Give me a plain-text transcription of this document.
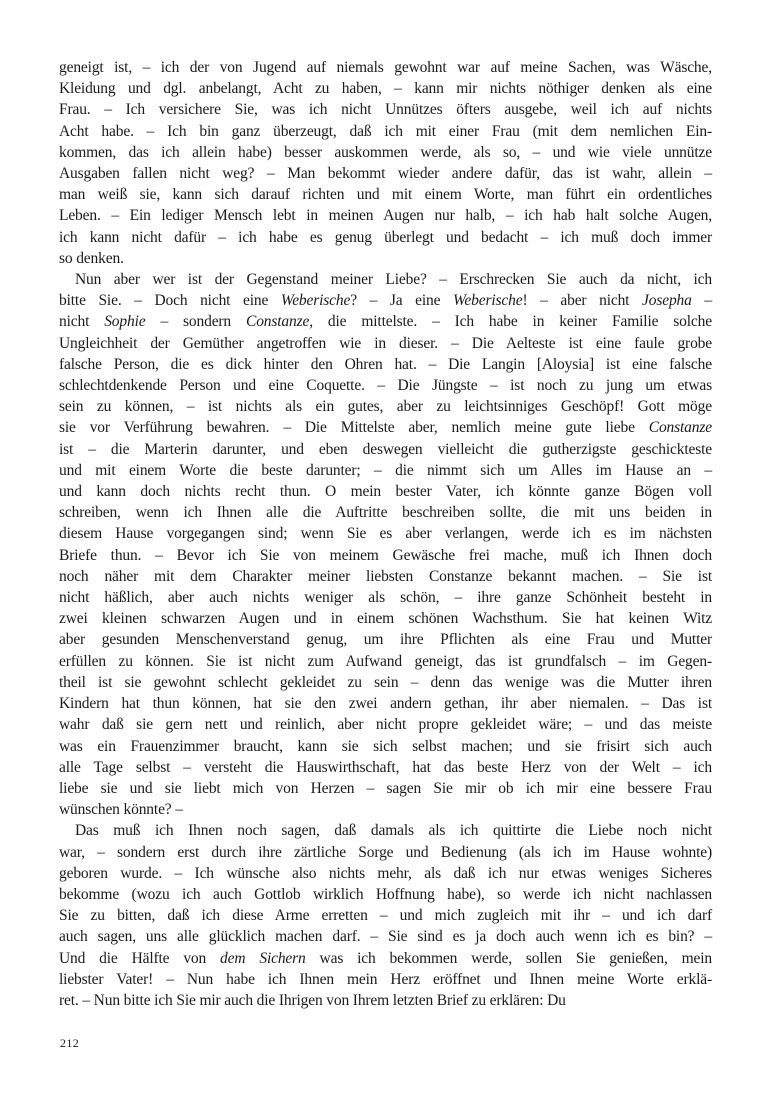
geneigt ist, – ich der von Jugend auf niemals gewohnt war auf meine Sachen, was Wäsche,
Kleidung und dgl. anbelangt, Acht zu haben, – kann mir nichts nöthiger denken als eine
Frau. – Ich versichere Sie, was ich nicht Unnützes öfters ausgebe, weil ich auf nichts
Acht habe. – Ich bin ganz überzeugt, daß ich mit einer Frau (mit dem nemlichen Ein-
kommen, das ich allein habe) besser auskommen werde, als so, – und wie viele unnütze
Ausgaben fallen nicht weg? – Man bekommt wieder andere dafür, das ist wahr, allein –
man weiß sie, kann sich darauf richten und mit einem Worte, man führt ein ordentliches
Leben. – Ein lediger Mensch lebt in meinen Augen nur halb, – ich hab halt solche Augen,
ich kann nicht dafür – ich habe es genug überlegt und bedacht – ich muß doch immer
so denken.
Nun aber wer ist der Gegenstand meiner Liebe? – Erschrecken Sie auch da nicht, ich
bitte Sie. – Doch nicht eine Weberische? – Ja eine Weberische! – aber nicht Josepha –
nicht Sophie – sondern Constanze, die mittelste. – Ich habe in keiner Familie solche
Ungleichheit der Gemüther angetroffen wie in dieser. – Die Aelteste ist eine faule grobe
falsche Person, die es dick hinter den Ohren hat. – Die Langin [Aloysia] ist eine falsche
schlechtdenkende Person und eine Coquette. – Die Jüngste – ist noch zu jung um etwas
sein zu können, – ist nichts als ein gutes, aber zu leichtsinniges Geschöpf! Gott möge
sie vor Verführung bewahren. – Die Mittelste aber, nemlich meine gute liebe Constanze
ist – die Marterin darunter, und eben deswegen vielleicht die gutherzigste geschickteste
und mit einem Worte die beste darunter; – die nimmt sich um Alles im Hause an –
und kann doch nichts recht thun. O mein bester Vater, ich könnte ganze Bögen voll
schreiben, wenn ich Ihnen alle die Auftritte beschreiben sollte, die mit uns beiden in
diesem Hause vorgegangen sind; wenn Sie es aber verlangen, werde ich es im nächsten
Briefe thun. – Bevor ich Sie von meinem Gewäsche frei mache, muß ich Ihnen doch
noch näher mit dem Charakter meiner liebsten Constanze bekannt machen. – Sie ist
nicht häßlich, aber auch nichts weniger als schön, – ihre ganze Schönheit besteht in
zwei kleinen schwarzen Augen und in einem schönen Wachsthum. Sie hat keinen Witz
aber gesunden Menschenverstand genug, um ihre Pflichten als eine Frau und Mutter
erfüllen zu können. Sie ist nicht zum Aufwand geneigt, das ist grundfalsch – im Gegen-
theil ist sie gewohnt schlecht gekleidet zu sein – denn das wenige was die Mutter ihren
Kindern hat thun können, hat sie den zwei andern gethan, ihr aber niemalen. – Das ist
wahr daß sie gern nett und reinlich, aber nicht propre gekleidet wäre; – und das meiste
was ein Frauenzimmer braucht, kann sie sich selbst machen; und sie frisirt sich auch
alle Tage selbst – versteht die Hauswirthschaft, hat das beste Herz von der Welt – ich
liebe sie und sie liebt mich von Herzen – sagen Sie mir ob ich mir eine bessere Frau
wünschen könnte? –
Das muß ich Ihnen noch sagen, daß damals als ich quittirte die Liebe noch nicht
war, – sondern erst durch ihre zärtliche Sorge und Bedienung (als ich im Hause wohnte)
geboren wurde. – Ich wünsche also nichts mehr, als daß ich nur etwas weniges Sicheres
bekomme (wozu ich auch Gottlob wirklich Hoffnung habe), so werde ich nicht nachlassen
Sie zu bitten, daß ich diese Arme erretten – und mich zugleich mit ihr – und ich darf
auch sagen, uns alle glücklich machen darf. – Sie sind es ja doch auch wenn ich es bin? –
Und die Hälfte von dem Sichern was ich bekommen werde, sollen Sie genießen, mein
liebster Vater! – Nun habe ich Ihnen mein Herz eröffnet und Ihnen meine Worte erklä-
ret. – Nun bitte ich Sie mir auch die Ihrigen von Ihrem letzten Brief zu erklären: Du
212
